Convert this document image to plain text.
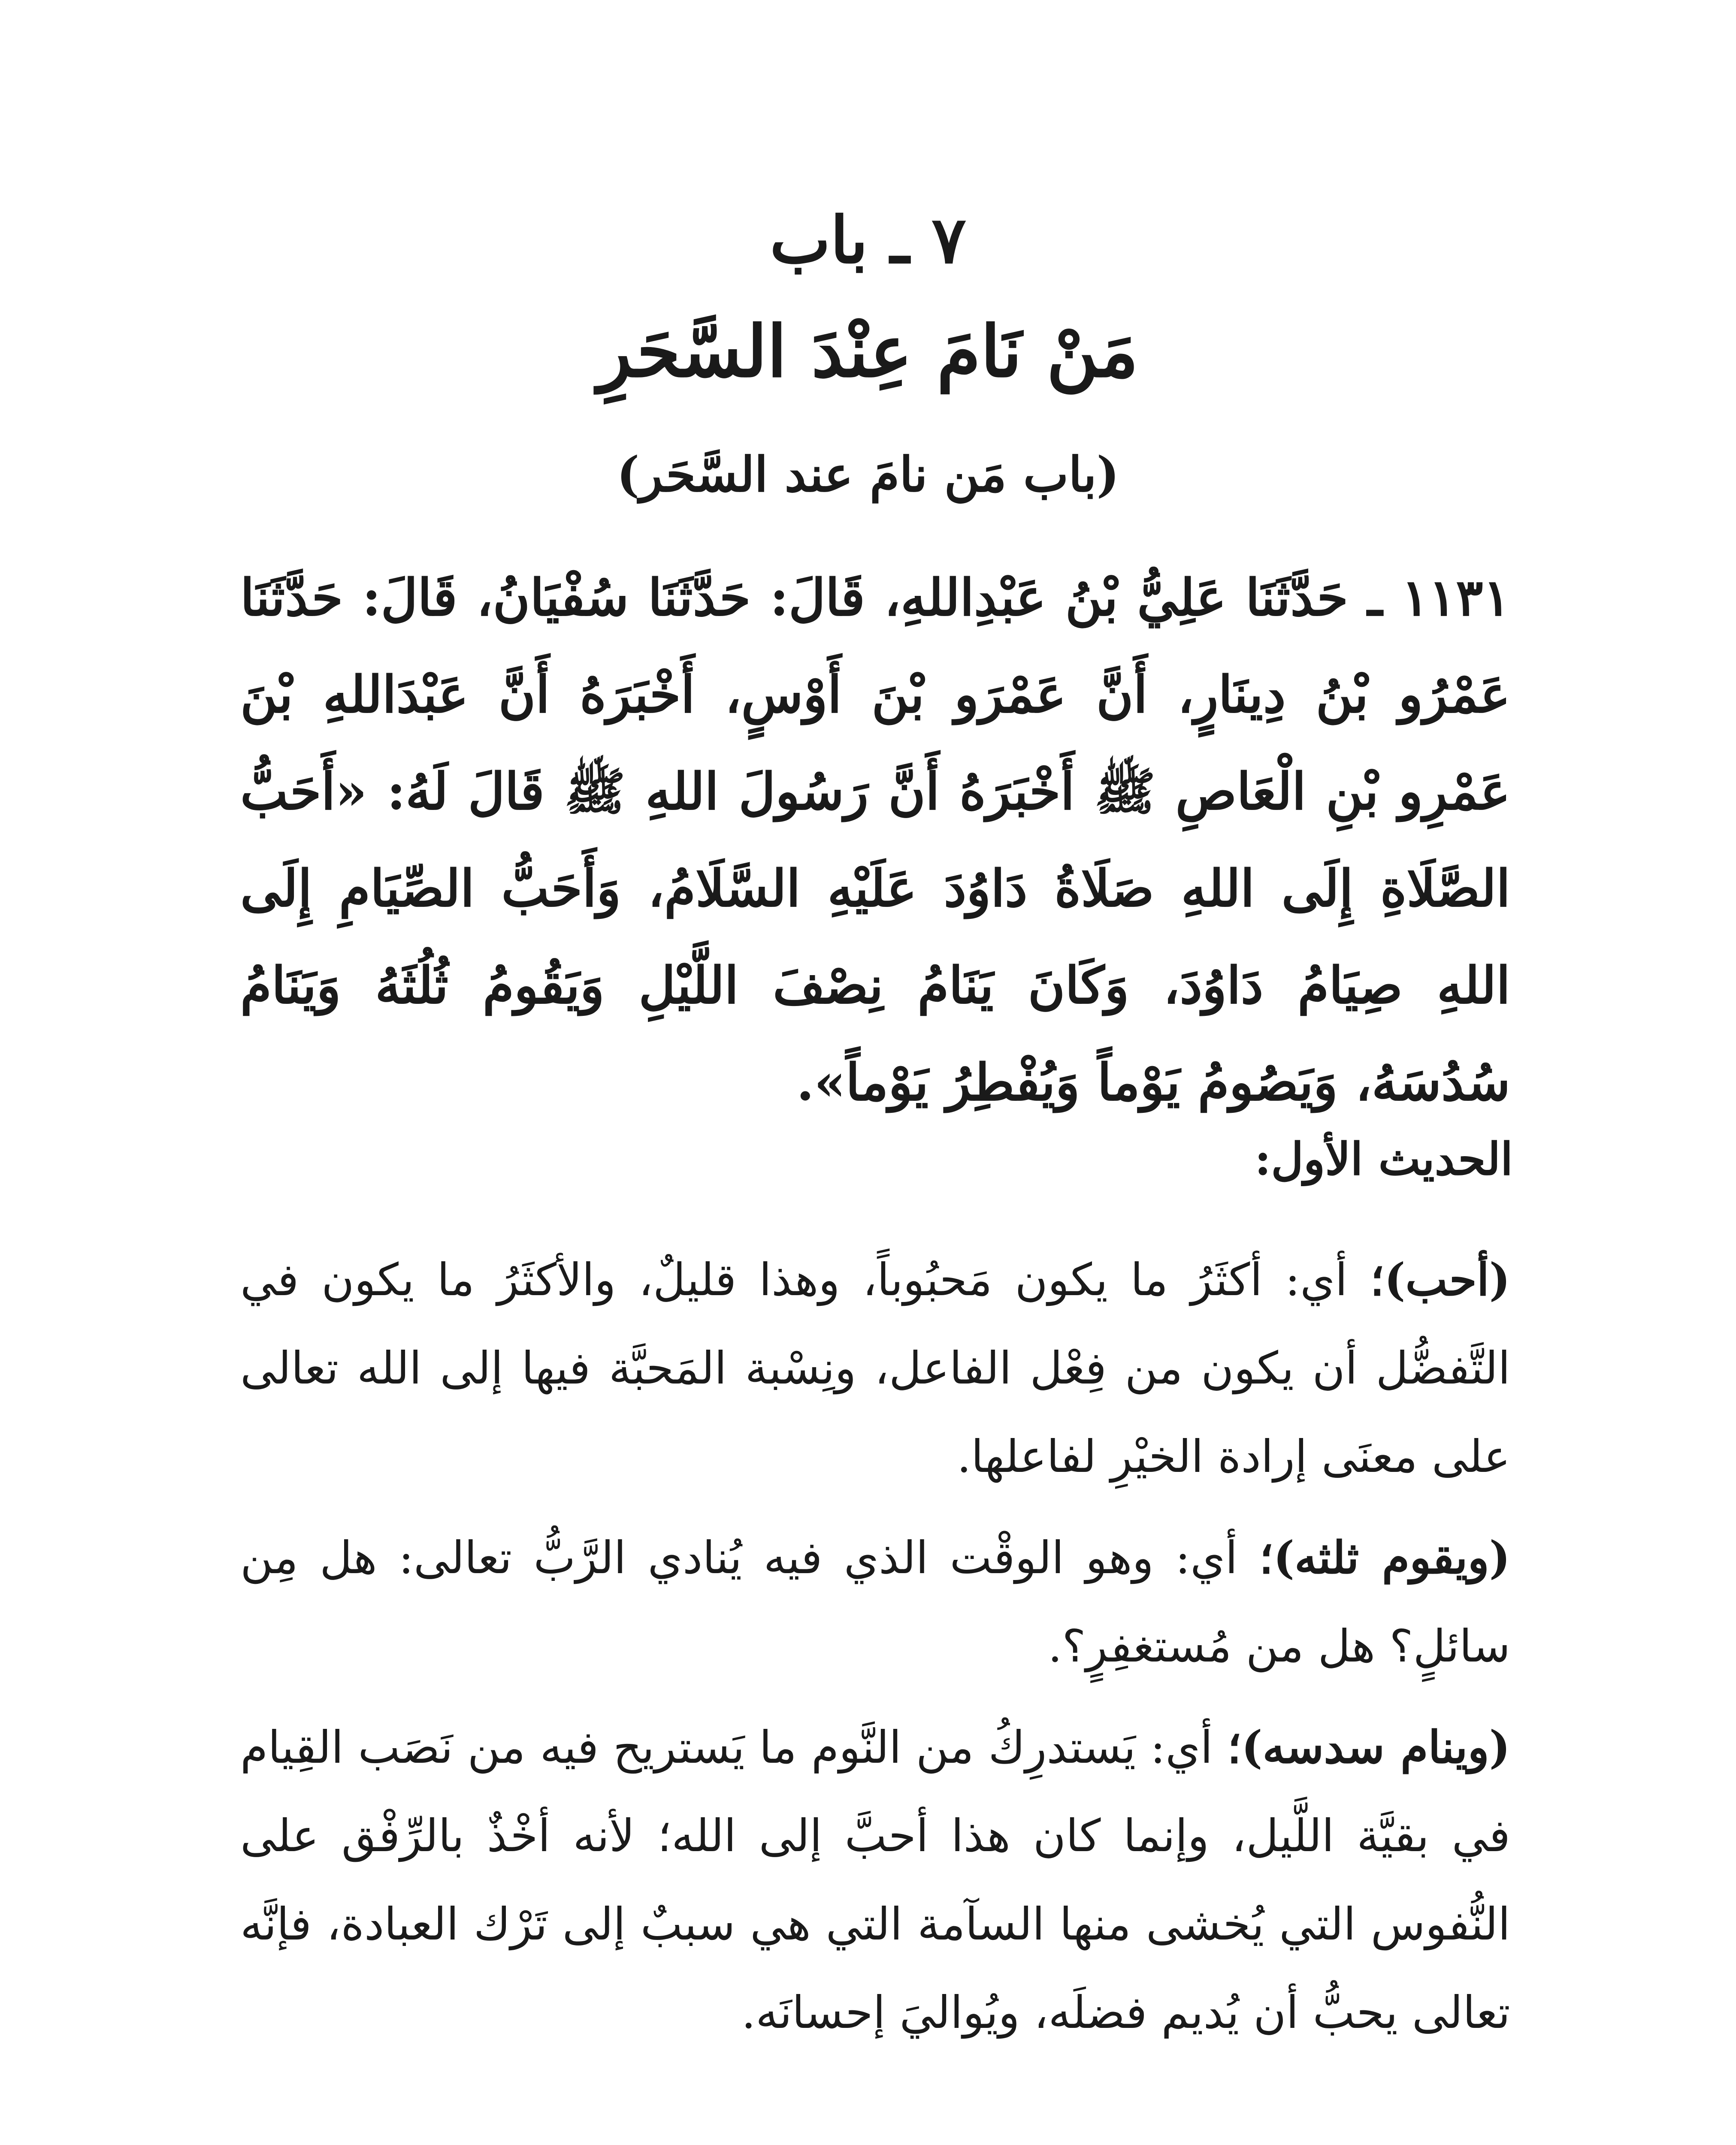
٧ ـ باب
مَنْ نَامَ عِنْدَ السَّحَرِ
(باب مَن نامَ عند السَّحَر)

١١٣١ ـ حَدَّثَنَا عَلِيُّ بْنُ عَبْدِاللهِ، قَالَ: حَدَّثَنَا سُفْيَانُ، قَالَ: حَدَّثَنَا عَمْرُو بْنُ دِينَارٍ، أَنَّ عَمْرَو بْنَ أَوْسٍ، أَخْبَرَهُ أَنَّ عَبْدَاللهِ بْنَ عَمْرِو بْنِ الْعَاصِ ﷺ أَخْبَرَهُ أَنَّ رَسُولَ اللهِ ﷺ قَالَ لَهُ: «أَحَبُّ الصَّلَاةِ إِلَى اللهِ صَلَاةُ دَاوُدَ عَلَيْهِ السَّلَامُ، وَأَحَبُّ الصِّيَامِ إِلَى اللهِ صِيَامُ دَاوُدَ، وَكَانَ يَنَامُ نِصْفَ اللَّيْلِ وَيَقُومُ ثُلُثَهُ وَيَنَامُ سُدُسَهُ، وَيَصُومُ يَوْماً وَيُفْطِرُ يَوْماً».

الحديث الأول:

(أحب)؛ أي: أكثَرُ ما يكون مَحبُوباً، وهذا قليلٌ، والأكثَرُ ما يكون في التَّفضُّل أن يكون من فِعْل الفاعل، ونِسْبة المَحبَّة فيها إلى الله تعالى على معنَى إرادة الخيْرِ لفاعلها.

(ويقوم ثلثه)؛ أي: وهو الوقْت الذي فيه يُنادي الرَّبُّ تعالى: هل مِن سائلٍ؟ هل من مُستغفِرٍ؟.

(وينام سدسه)؛ أي: يَستدرِكُ من النَّوم ما يَستريح فيه من نَصَب القِيام في بقيَّة اللَّيل، وإنما كان هذا أحبَّ إلى الله؛ لأنه أخْذٌ بالرِّفْق على النُّفوس التي يُخشى منها السآمة التي هي سببٌ إلى تَرْك العبادة، فإنَّه تعالى يحبُّ أن يُديم فضلَه، ويُواليَ إحسانَه.
